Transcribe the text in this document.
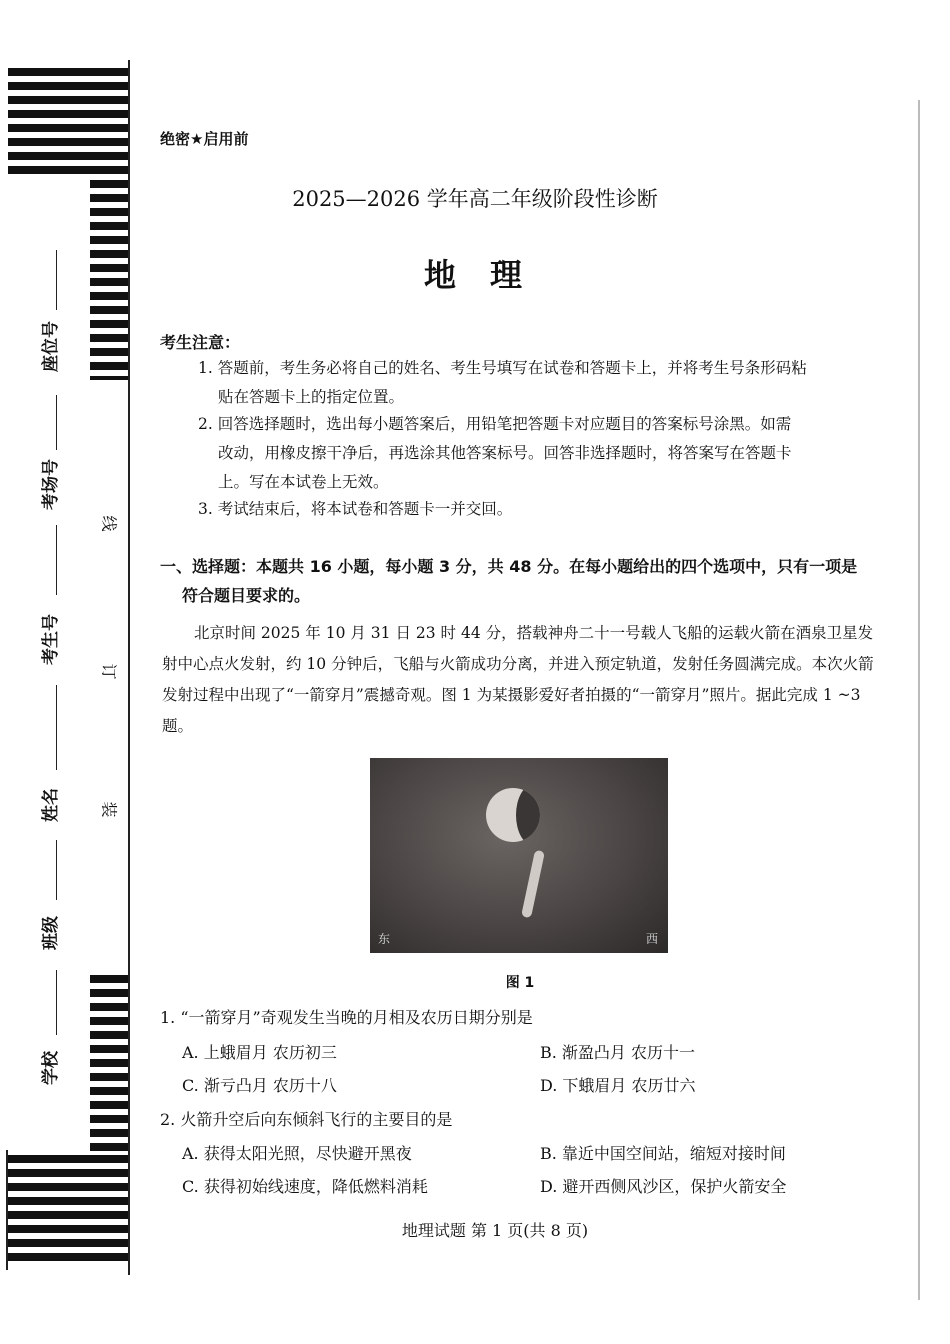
座位号
考场号
考生号
姓名
班级
学校
线
订
装
绝密★启用前
2025—2026 学年高二年级阶段性诊断
地理
考生注意：
1. 答题前，考生务必将自己的姓名、考生号填写在试卷和答题卡上，并将考生号条形码粘
贴在答题卡上的指定位置。
2. 回答选择题时，选出每小题答案后，用铅笔把答题卡对应题目的答案标号涂黑。如需
改动，用橡皮擦干净后，再选涂其他答案标号。回答非选择题时，将答案写在答题卡
上。写在本试卷上无效。
3. 考试结束后，将本试卷和答题卡一并交回。
一、选择题：本题共 16 小题，每小题 3 分，共 48 分。在每小题给出的四个选项中，只有一项是
符合题目要求的。
北京时间 2025 年 10 月 31 日 23 时 44 分，搭载神舟二十一号载人飞船的运载火箭在酒泉卫星发射中心点火发射，约 10 分钟后，飞船与火箭成功分离，并进入预定轨道，发射任务圆满完成。本次火箭发射过程中出现了“一箭穿月”震撼奇观。图 1 为某摄影爱好者拍摄的“一箭穿月”照片。据此完成 1 ~3 题。
东	西
图 1
1. “一箭穿月”奇观发生当晚的月相及农历日期分别是
A. 上蛾眉月 农历初三	B. 渐盈凸月 农历十一
C. 渐亏凸月 农历十八	D. 下蛾眉月 农历廿六
2. 火箭升空后向东倾斜飞行的主要目的是
A. 获得太阳光照，尽快避开黑夜	B. 靠近中国空间站，缩短对接时间
C. 获得初始线速度，降低燃料消耗	D. 避开西侧风沙区，保护火箭安全
地理试题 第 1 页(共 8 页)
